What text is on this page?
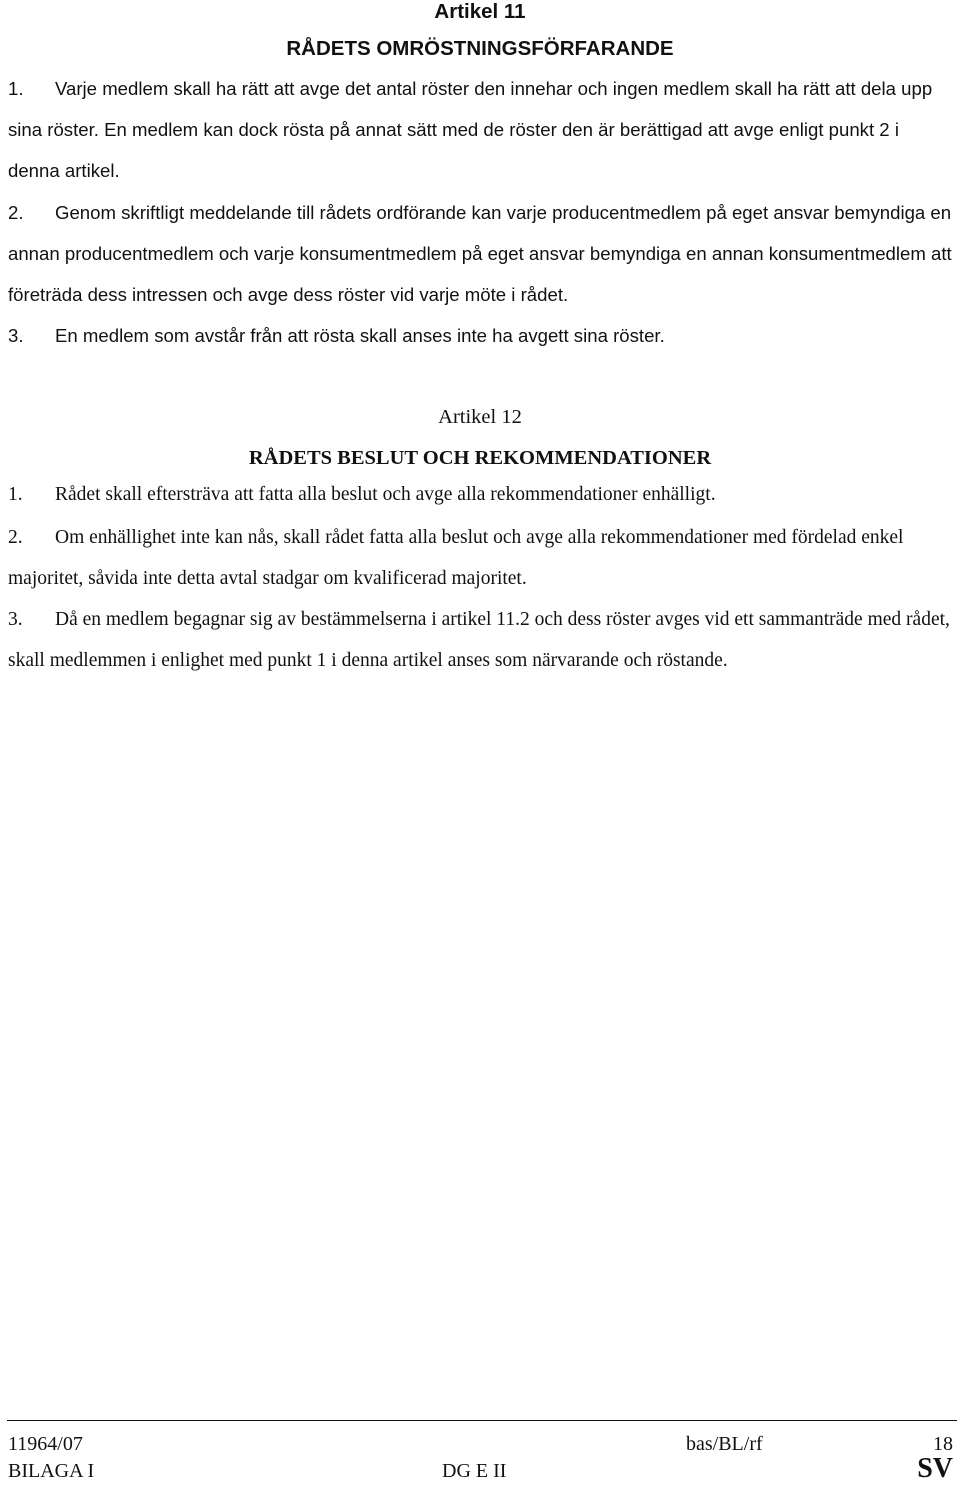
Artikel 11
RÅDETS OMRÖSTNINGSFÖRFARANDE

1. Varje medlem skall ha rätt att avge det antal röster den innehar och ingen medlem skall ha rätt att dela upp sina röster. En medlem kan dock rösta på annat sätt med de röster den är berättigad att avge enligt punkt 2 i denna artikel.

2. Genom skriftligt meddelande till rådets ordförande kan varje producentmedlem på eget ansvar bemyndiga en annan producentmedlem och varje konsumentmedlem på eget ansvar bemyndiga en annan konsumentmedlem att företräda dess intressen och avge dess röster vid varje möte i rådet.

3. En medlem som avstår från att rösta skall anses inte ha avgett sina röster.

Artikel 12
RÅDETS BESLUT OCH REKOMMENDATIONER

1. Rådet skall eftersträva att fatta alla beslut och avge alla rekommendationer enhälligt.

2. Om enhällighet inte kan nås, skall rådet fatta alla beslut och avge alla rekommendationer med fördelad enkel majoritet, såvida inte detta avtal stadgar om kvalificerad majoritet.

3. Då en medlem begagnar sig av bestämmelserna i artikel 11.2 och dess röster avges vid ett sammanträde med rådet, skall medlemmen i enlighet med punkt 1 i denna artikel anses som närvarande och röstande.

11964/07	bas/BL/rf	18
BILAGA I	DG E II	SV
